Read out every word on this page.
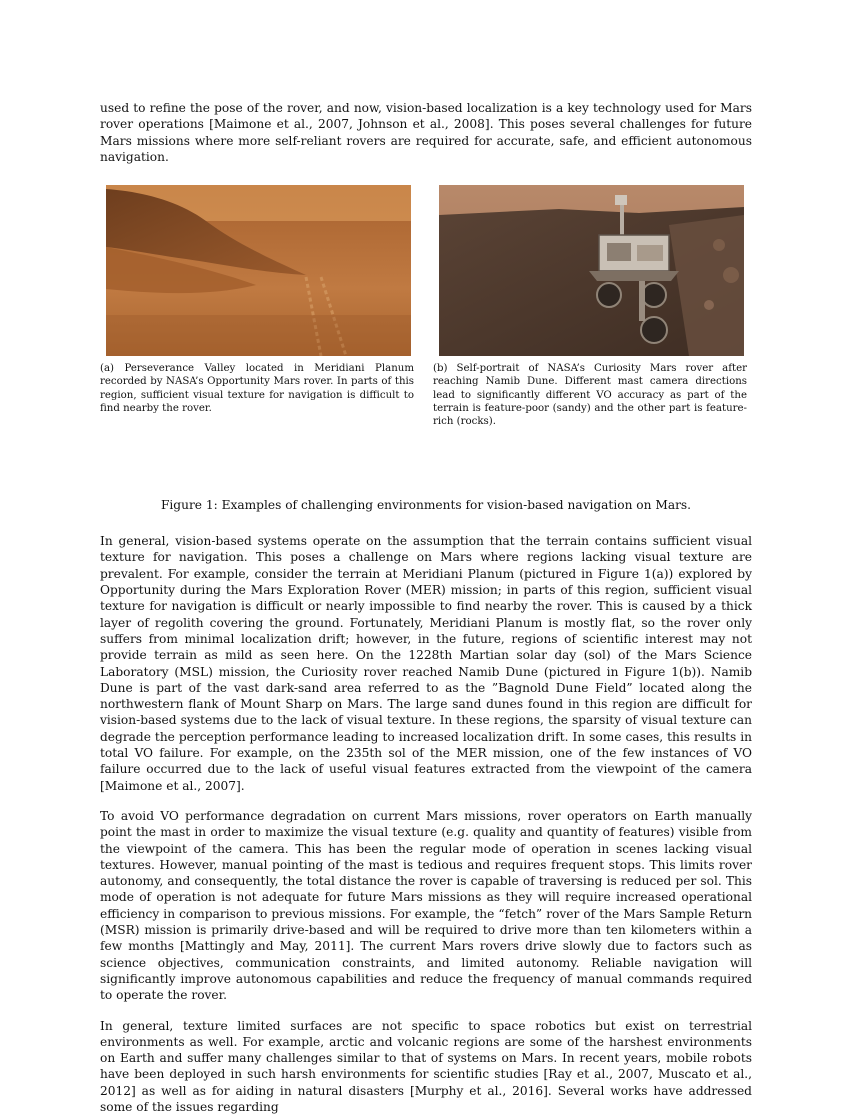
used to refine the pose of the rover, and now, vision-based localization is a key technology used for Mars rover operations [Maimone et al., 2007, Johnson et al., 2008]. This poses several challenges for future Mars missions where more self-reliant rovers are required for accurate, safe, and efficient autonomous navigation.

(a) Perseverance Valley located in Meridiani Planum recorded by NASA’s Opportunity Mars rover. In parts of this region, sufficient visual texture for navigation is difficult to find nearby the rover.
(b) Self-portrait of NASA’s Curiosity Mars rover after reaching Namib Dune. Different mast camera directions lead to significantly different VO accuracy as part of the terrain is feature-poor (sandy) and the other part is feature-rich (rocks).
Figure 1: Examples of challenging environments for vision-based navigation on Mars.

In general, vision-based systems operate on the assumption that the terrain contains sufficient visual texture for navigation. This poses a challenge on Mars where regions lacking visual texture are prevalent. For example, consider the terrain at Meridiani Planum (pictured in Figure 1(a)) explored by Opportunity during the Mars Exploration Rover (MER) mission; in parts of this region, sufficient visual texture for navigation is difficult or nearly impossible to find nearby the rover. This is caused by a thick layer of regolith covering the ground. Fortunately, Meridiani Planum is mostly flat, so the rover only suffers from minimal localization drift; however, in the future, regions of scientific interest may not provide terrain as mild as seen here. On the 1228th Martian solar day (sol) of the Mars Science Laboratory (MSL) mission, the Curiosity rover reached Namib Dune (pictured in Figure 1(b)). Namib Dune is part of the vast dark-sand area referred to as the ”Bagnold Dune Field” located along the northwestern flank of Mount Sharp on Mars. The large sand dunes found in this region are difficult for vision-based systems due to the lack of visual texture. In these regions, the sparsity of visual texture can degrade the perception performance leading to increased localization drift. In some cases, this results in total VO failure. For example, on the 235th sol of the MER mission, one of the few instances of VO failure occurred due to the lack of useful visual features extracted from the viewpoint of the camera [Maimone et al., 2007].

To avoid VO performance degradation on current Mars missions, rover operators on Earth manually point the mast in order to maximize the visual texture (e.g. quality and quantity of features) visible from the viewpoint of the camera. This has been the regular mode of operation in scenes lacking visual textures. However, manual pointing of the mast is tedious and requires frequent stops. This limits rover autonomy, and consequently, the total distance the rover is capable of traversing is reduced per sol. This mode of operation is not adequate for future Mars missions as they will require increased operational efficiency in comparison to previous missions. For example, the “fetch” rover of the Mars Sample Return (MSR) mission is primarily drive-based and will be required to drive more than ten kilometers within a few months [Mattingly and May, 2011]. The current Mars rovers drive slowly due to factors such as science objectives, communication constraints, and limited autonomy. Reliable navigation will significantly improve autonomous capabilities and reduce the frequency of manual commands required to operate the rover.

In general, texture limited surfaces are not specific to space robotics but exist on terrestrial environments as well. For example, arctic and volcanic regions are some of the harshest environments on Earth and suffer many challenges similar to that of systems on Mars. In recent years, mobile robots have been deployed in such harsh environments for scientific studies [Ray et al., 2007, Muscato et al., 2012] as well as for aiding in natural disasters [Murphy et al., 2016]. Several works have addressed some of the issues regarding
